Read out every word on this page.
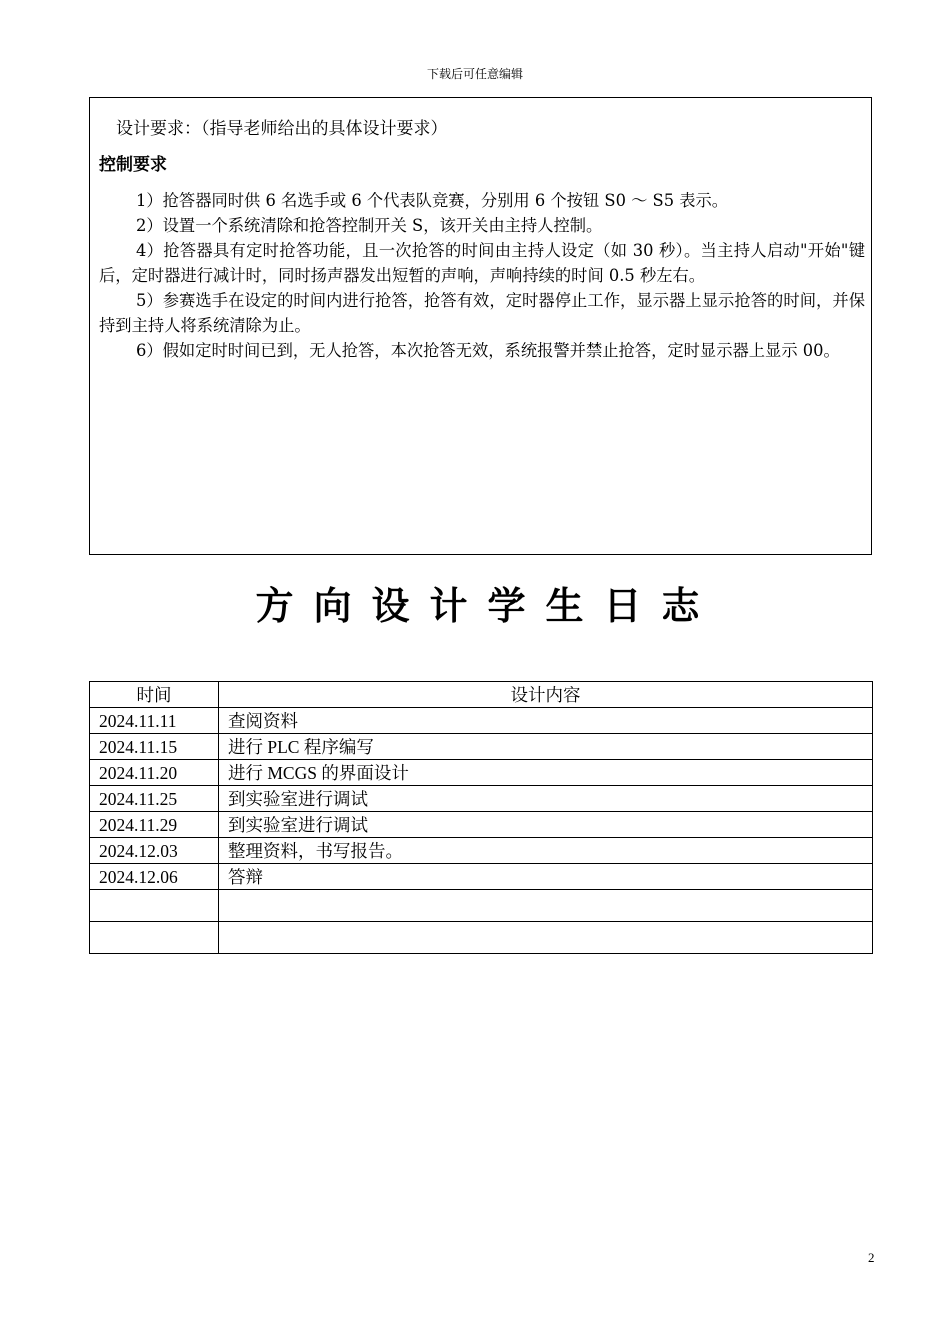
下载后可任意编辑
设计要求：（指导老师给出的具体设计要求）
控制要求

1）抢答器同时供 6 名选手或 6 个代表队竞赛，分别用 6 个按钮 S0 ～ S5 表示。

2）设置一个系统清除和抢答控制开关 S，该开关由主持人控制。

4）抢答器具有定时抢答功能，且一次抢答的时间由主持人设定（如 30 秒）。当主持人启动"开始"键后，定时器进行减计时，同时扬声器发出短暂的声响，声响持续的时间 0.5 秒左右。

5）参赛选手在设定的时间内进行抢答，抢答有效，定时器停止工作，显示器上显示抢答的时间，并保持到主持人将系统清除为止。

6）假如定时时间已到，无人抢答，本次抢答无效，系统报警并禁止抢答，定时显示器上显示 00。

方向设计学生日志
时间	设计内容
2024.11.11	查阅资料
2024.11.15	进行 PLC 程序编写
2024.11.20	进行 MCGS 的界面设计
2024.11.25	到实验室进行调试
2024.11.29	到实验室进行调试
2024.12.03	整理资料，书写报告。
2024.12.06	答辩

2
